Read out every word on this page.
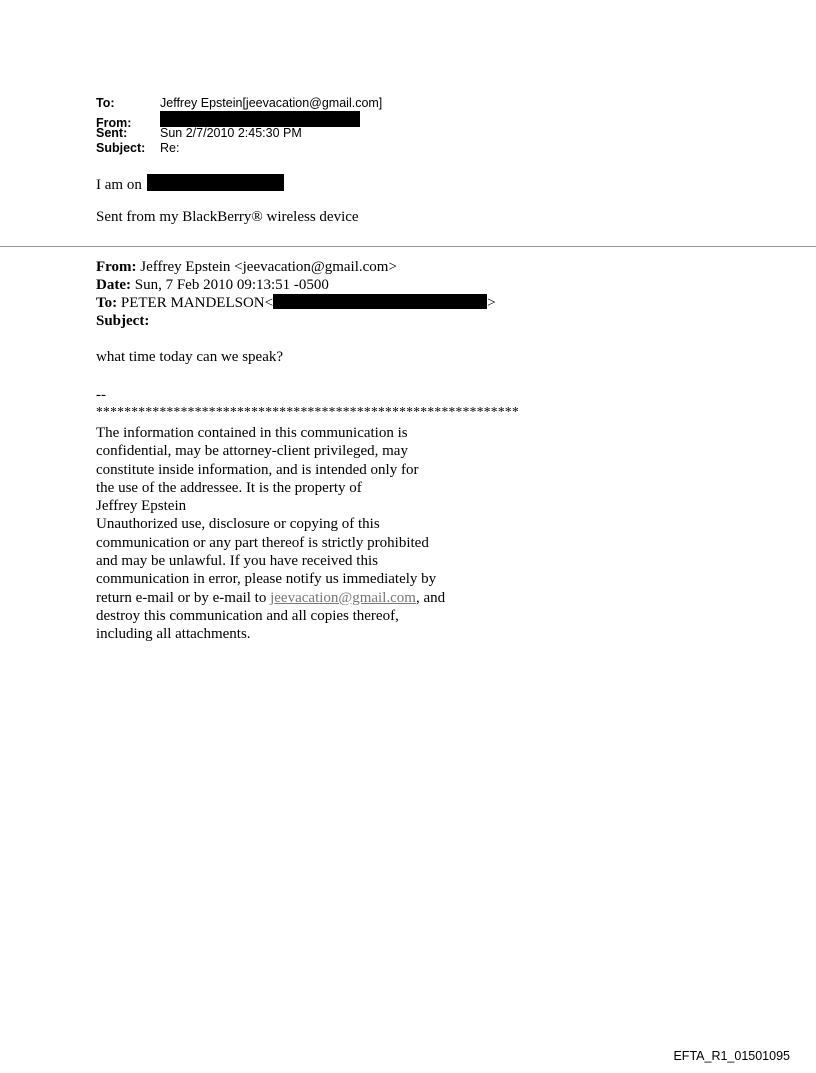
To:	Jeffrey Epstein[jeevacation@gmail.com]
From:
Sent:	Sun 2/7/2010 2:45:30 PM
Subject:	Re:
I am on
Sent from my BlackBerry® wireless device
From: Jeffrey Epstein <jeevacation@gmail.com>
Date: Sun, 7 Feb 2010 09:13:51 -0500
To: PETER MANDELSON<	>
Subject:
what time today can we speak?
--
************************************************************
The information contained in this communication is
confidential, may be attorney-client privileged, may
constitute inside information, and is intended only for
the use of the addressee. It is the property of
Jeffrey Epstein
Unauthorized use, disclosure or copying of this
communication or any part thereof is strictly prohibited
and may be unlawful. If you have received this
communication in error, please notify us immediately by
return e-mail or by e-mail to jeevacation@gmail.com, and
destroy this communication and all copies thereof,
including all attachments.
EFTA_R1_01501095
